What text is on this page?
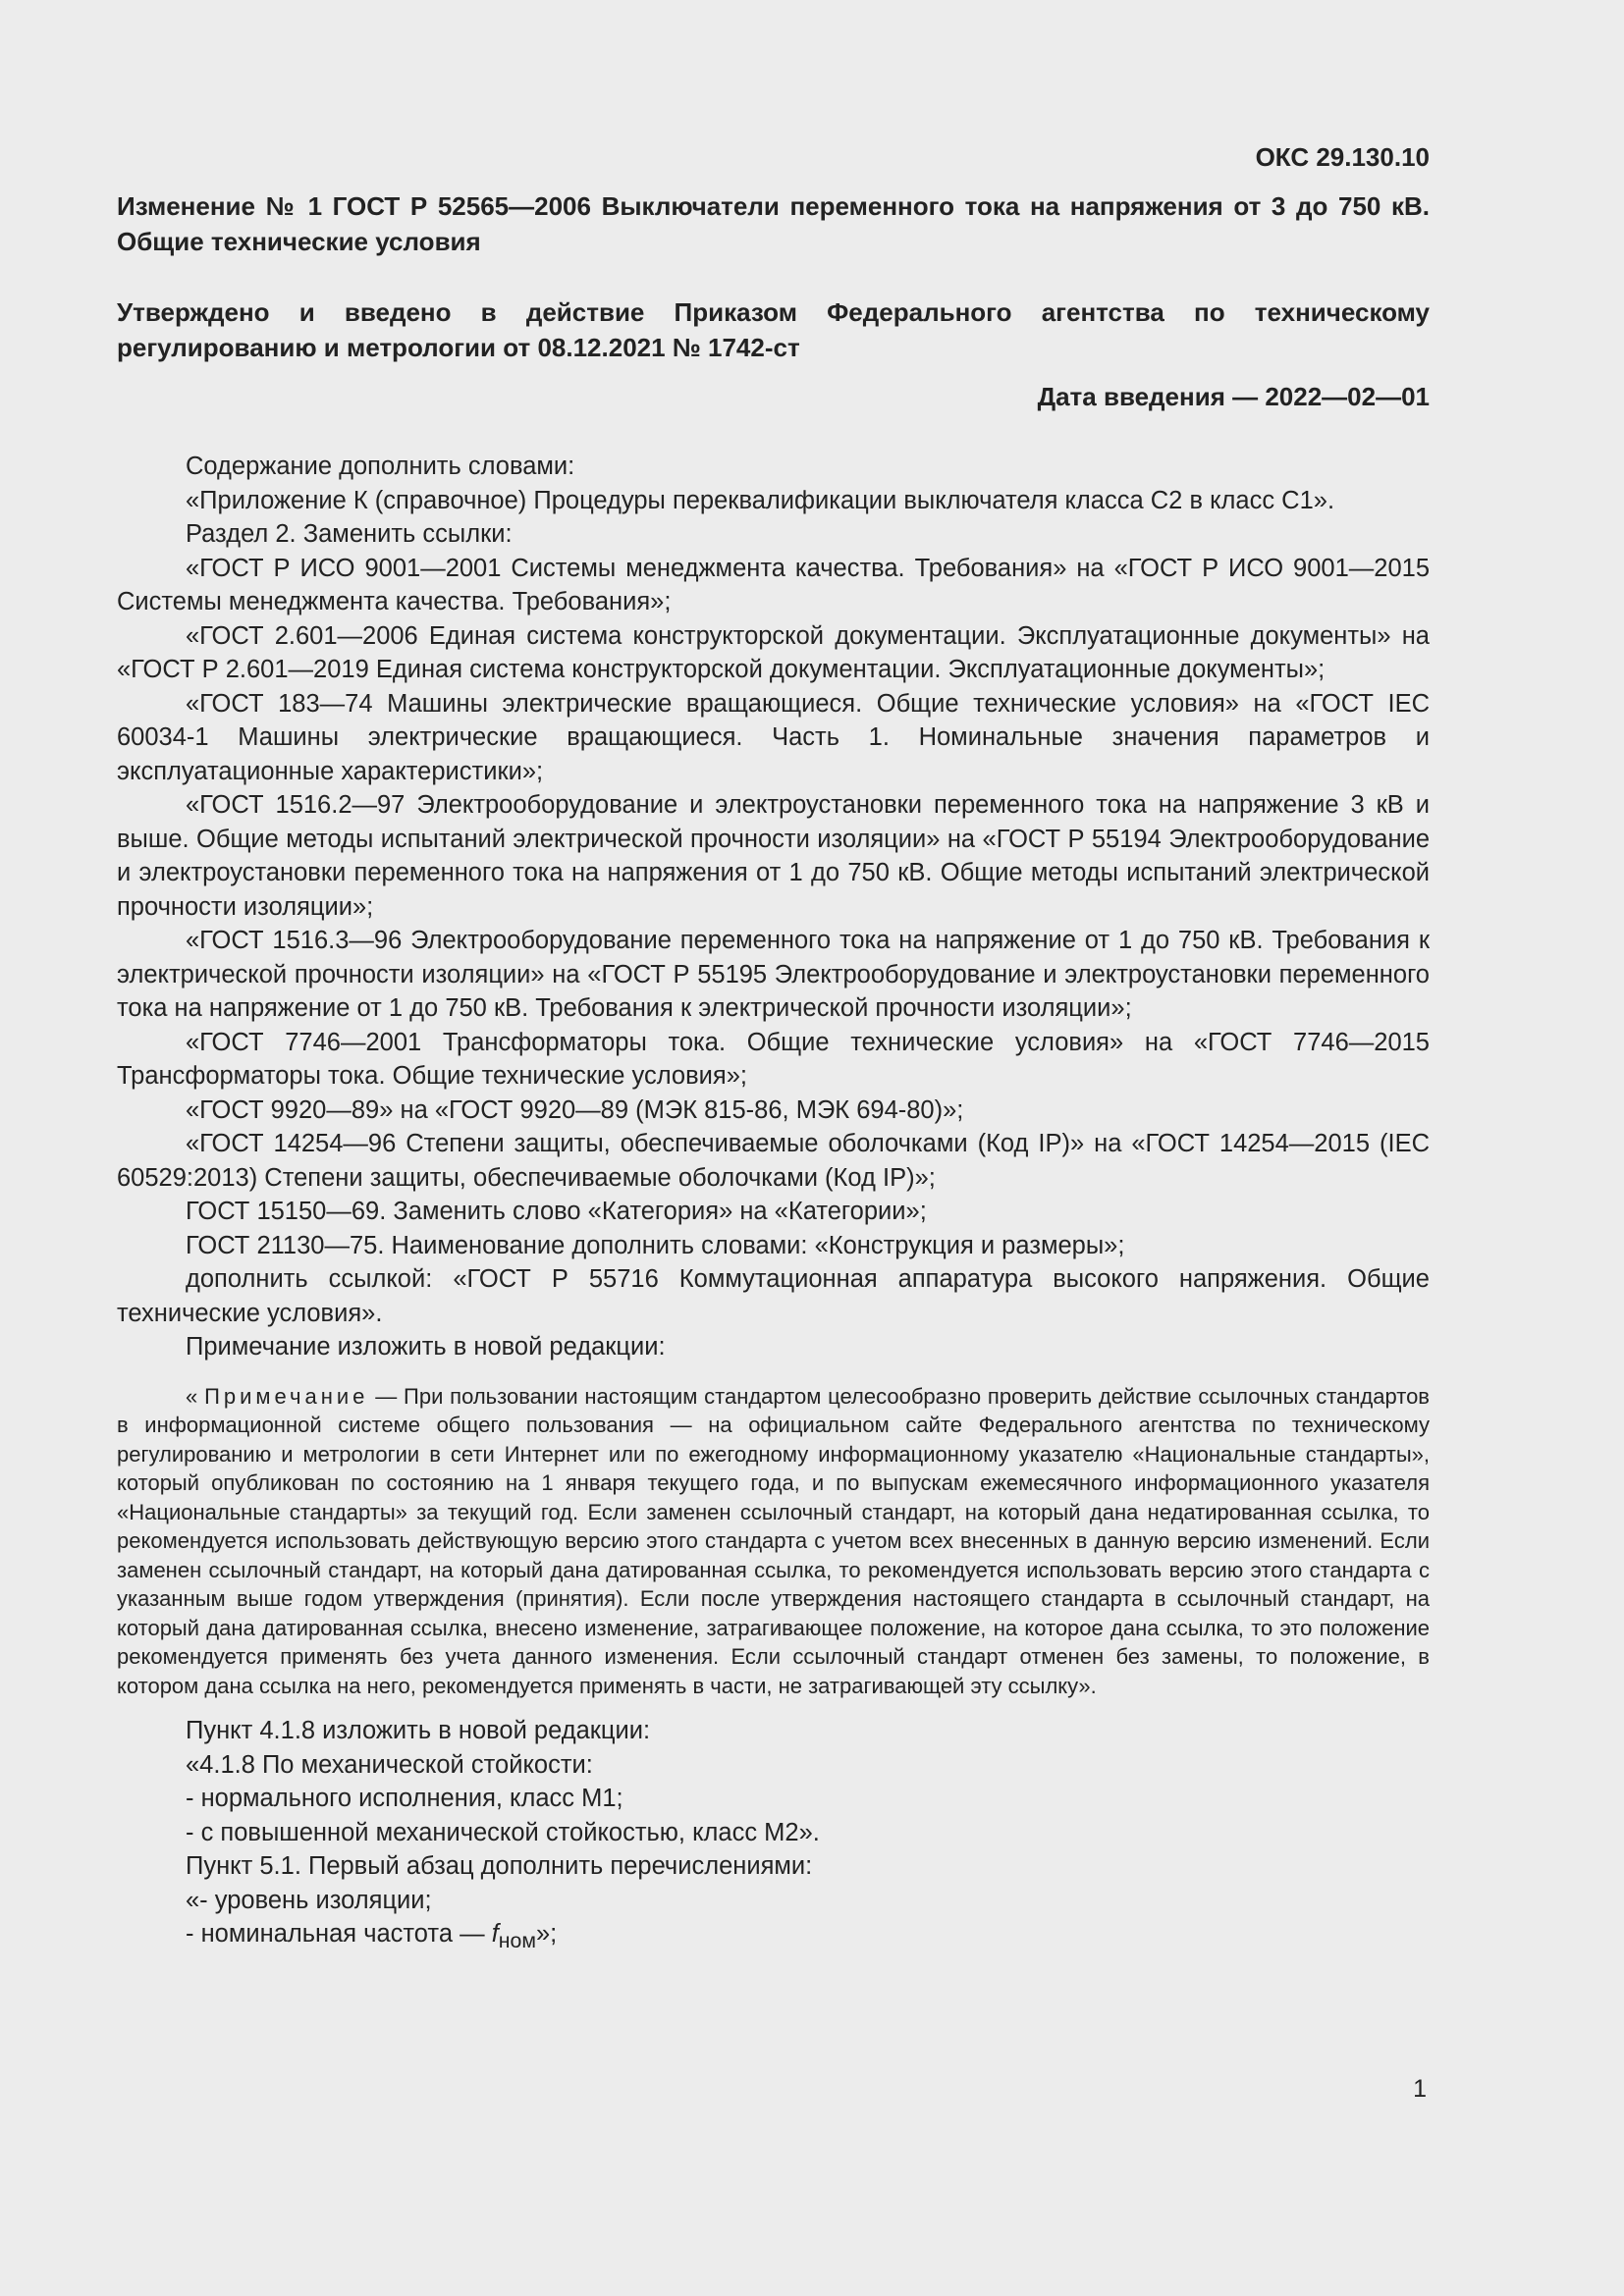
ОКС 29.130.10

Изменение № 1 ГОСТ Р 52565—2006 Выключатели переменного тока на напряжения от 3 до 750 кВ. Общие технические условия

Утверждено и введено в действие Приказом Федерального агентства по техническому регулированию и метрологии от 08.12.2021 № 1742-ст

Дата введения — 2022—02—01

Содержание дополнить словами:

«Приложение К (справочное) Процедуры переквалификации выключателя класса С2 в класс С1».

Раздел 2. Заменить ссылки:

«ГОСТ Р ИСО 9001—2001 Системы менеджмента качества. Требования» на «ГОСТ Р ИСО 9001—2015 Системы менеджмента качества. Требования»;

«ГОСТ 2.601—2006 Единая система конструкторской документации. Эксплуатационные документы» на «ГОСТ Р 2.601—2019 Единая система конструкторской документации. Эксплуатационные документы»;

«ГОСТ 183—74 Машины электрические вращающиеся. Общие технические условия» на «ГОСТ IEC 60034-1 Машины электрические вращающиеся. Часть 1. Номинальные значения параметров и эксплуатационные характеристики»;

«ГОСТ 1516.2—97 Электрооборудование и электроустановки переменного тока на напряжение 3 кВ и выше. Общие методы испытаний электрической прочности изоляции» на «ГОСТ Р 55194 Электрооборудование и электроустановки переменного тока на напряжения от 1 до 750 кВ. Общие методы испытаний электрической прочности изоляции»;

«ГОСТ 1516.3—96 Электрооборудование переменного тока на напряжение от 1 до 750 кВ. Требования к электрической прочности изоляции» на «ГОСТ Р 55195 Электрооборудование и электроустановки переменного тока на напряжение от 1 до 750 кВ. Требования к электрической прочности изоляции»;

«ГОСТ 7746—2001 Трансформаторы тока. Общие технические условия» на «ГОСТ 7746—2015 Трансформаторы тока. Общие технические условия»;

«ГОСТ 9920—89» на «ГОСТ 9920—89 (МЭК 815-86, МЭК 694-80)»;

«ГОСТ 14254—96 Степени защиты, обеспечиваемые оболочками (Код IP)» на «ГОСТ 14254—2015 (IEC 60529:2013) Степени защиты, обеспечиваемые оболочками (Код IP)»;

ГОСТ 15150—69. Заменить слово «Категория» на «Категории»;

ГОСТ 21130—75. Наименование дополнить словами: «Конструкция и размеры»;

дополнить ссылкой: «ГОСТ Р 55716 Коммутационная аппаратура высокого напряжения. Общие технические условия».

Примечание изложить в новой редакции:

« Примечание — При пользовании настоящим стандартом целесообразно проверить действие ссылочных стандартов в информационной системе общего пользования — на официальном сайте Федерального агентства по техническому регулированию и метрологии в сети Интернет или по ежегодному информационному указателю «Национальные стандарты», который опубликован по состоянию на 1 января текущего года, и по выпускам ежемесячного информационного указателя «Национальные стандарты» за текущий год. Если заменен ссылочный стандарт, на который дана недатированная ссылка, то рекомендуется использовать действующую версию этого стандарта с учетом всех внесенных в данную версию изменений. Если заменен ссылочный стандарт, на который дана датированная ссылка, то рекомендуется использовать версию этого стандарта с указанным выше годом утверждения (принятия). Если после утверждения настоящего стандарта в ссылочный стандарт, на который дана датированная ссылка, внесено изменение, затрагивающее положение, на которое дана ссылка, то это положение рекомендуется применять без учета данного изменения. Если ссылочный стандарт отменен без замены, то положение, в котором дана ссылка на него, рекомендуется применять в части, не затрагивающей эту ссылку».

Пункт 4.1.8 изложить в новой редакции:

«4.1.8 По механической стойкости:

- нормального исполнения, класс М1;

- с повышенной механической стойкостью, класс М2».

Пункт 5.1. Первый абзац дополнить перечислениями:

«- уровень изоляции;

- номинальная частота — $f_{ном}$»;

1
